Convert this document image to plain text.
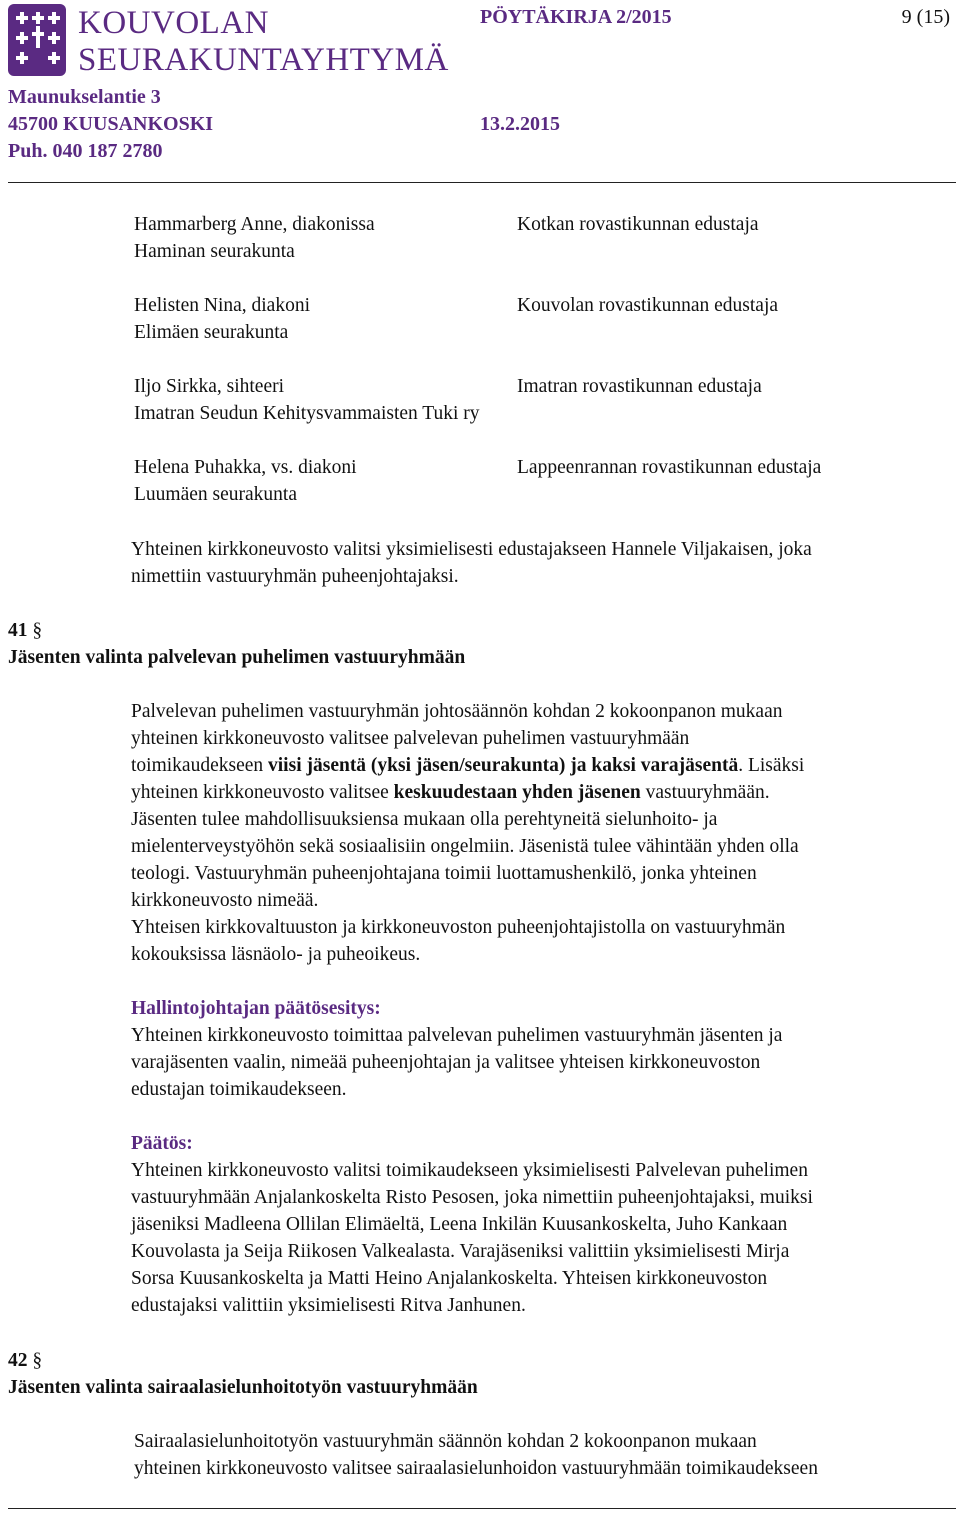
KOUVOLAN
SEURAKUNTAYHTYMÄ
PÖYTÄKIRJA 2/2015	9 (15)
Maunukselantie 3
45700 KUUSANKOSKI	13.2.2015
Puh. 040 187 2780
Hammarberg Anne, diakonissa
Haminan seurakunta
Kotkan rovastikunnan edustaja
Helisten Nina, diakoni
Elimäen seurakunta
Kouvolan rovastikunnan edustaja
Iljo Sirkka, sihteeri
Imatran Seudun Kehitysvammaisten Tuki ry
Imatran rovastikunnan edustaja
Helena Puhakka, vs. diakoni
Luumäen seurakunta
Lappeenrannan rovastikunnan edustaja
Yhteinen kirkkoneuvosto valitsi yksimielisesti edustajakseen Hannele Viljakaisen, joka
nimettiin vastuuryhmän puheenjohtajaksi.
41 §
Jäsenten valinta palvelevan puhelimen vastuuryhmään
Palvelevan puhelimen vastuuryhmän johtosäännön kohdan 2 kokoonpanon mukaan
yhteinen kirkkoneuvosto valitsee palvelevan puhelimen vastuuryhmään
toimikaudekseen viisi jäsentä (yksi jäsen/seurakunta) ja kaksi varajäsentä. Lisäksi
yhteinen kirkkoneuvosto valitsee keskuudestaan yhden jäsenen vastuuryhmään.
Jäsenten tulee mahdollisuuksiensa mukaan olla perehtyneitä sielunhoito- ja
mielenterveystyöhön sekä sosiaalisiin ongelmiin. Jäsenistä tulee vähintään yhden olla
teologi. Vastuuryhmän puheenjohtajana toimii luottamushenkilö, jonka yhteinen
kirkkoneuvosto nimeää.
Yhteisen kirkkovaltuuston ja kirkkoneuvoston puheenjohtajistolla on vastuuryhmän
kokouksissa läsnäolo- ja puheoikeus.
Hallintojohtajan päätösesitys:
Yhteinen kirkkoneuvosto toimittaa palvelevan puhelimen vastuuryhmän jäsenten ja
varajäsenten vaalin, nimeää puheenjohtajan ja valitsee yhteisen kirkkoneuvoston
edustajan toimikaudekseen.
Päätös:
Yhteinen kirkkoneuvosto valitsi toimikaudekseen yksimielisesti Palvelevan puhelimen
vastuuryhmään Anjalankoskelta Risto Pesosen, joka nimettiin puheenjohtajaksi, muiksi
jäseniksi Madleena Ollilan Elimäeltä, Leena Inkilän Kuusankoskelta, Juho Kankaan
Kouvolasta ja Seija Riikosen Valkealasta. Varajäseniksi valittiin yksimielisesti Mirja
Sorsa Kuusankoskelta ja Matti Heino Anjalankoskelta. Yhteisen kirkkoneuvoston
edustajaksi valittiin yksimielisesti Ritva Janhunen.
42 §
Jäsenten valinta sairaalasielunhoitotyön vastuuryhmään
Sairaalasielunhoitotyön vastuuryhmän säännön kohdan 2 kokoonpanon mukaan
yhteinen kirkkoneuvosto valitsee sairaalasielunhoidon vastuuryhmään toimikaudekseen
